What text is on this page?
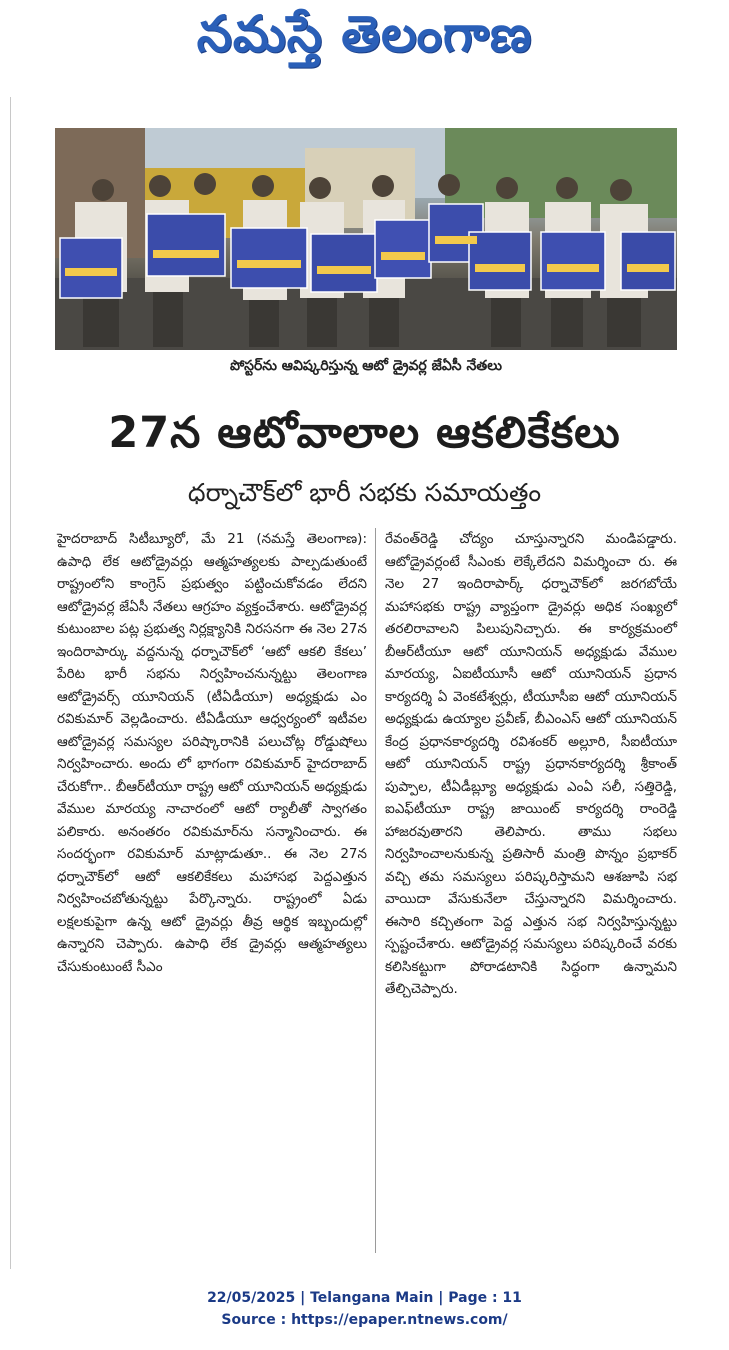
నమస్తే తెలంగాణ
పోస్టర్‌ను ఆవిష్కరిస్తున్న ఆటో డ్రైవర్ల జేఏసీ నేతలు
27న ఆటోవాలాల ఆకలికేకలు
ధర్నాచౌక్‌లో భారీ సభకు సమాయత్తం

హైదరాబాద్ సిటీబ్యూరో, మే 21 (నమస్తే తెలంగాణ): ఉపాధి లేక ఆటోడ్రైవర్లు ఆత్మహత్యలకు పాల్పడుతుంటే రాష్ట్రంలోని కాంగ్రెస్ ప్రభుత్వం పట్టించుకోవడం లేదని ఆటోడ్రైవర్ల జేఏసీ నేతలు ఆగ్రహం వ్యక్తంచేశారు. ఆటోడ్రైవర్ల కుటుంబాల పట్ల ప్రభుత్వ నిర్లక్ష్యానికి నిరసనగా ఈ నెల 27న ఇందిరాపార్కు వద్దనున్న ధర్నాచౌక్‌లో ‘ఆటో ఆకలి కేకలు’ పేరిట భారీ సభను నిర్వహించనున్నట్టు తెలంగాణ ఆటోడ్రైవర్స్ యూనియన్ (టీఏడీయూ) అధ్యక్షుడు ఎం రవికుమార్ వెల్లడించారు. టీఏడీయూ ఆధ్వర్యంలో ఇటీవల ఆటోడ్రైవర్ల సమస్యల పరిష్కారానికి పలుచోట్ల రోడ్డుషోలు నిర్వహించారు. అందు లో భాగంగా రవికుమార్ హైదరాబాద్ చేరుకోగా.. బీఆర్‌టీయూ రాష్ట్ర ఆటో యూనియన్ అధ్యక్షుడు వేముల మారయ్య నాచారంలో ఆటో ర్యాలీతో స్వాగతం పలికారు. అనంతరం రవికుమార్‌ను సన్మానించారు. ఈ సందర్భంగా రవికుమార్ మాట్లాడుతూ.. ఈ నెల 27న ధర్నాచౌక్‌లో ఆటో ఆకలికేకలు మహాసభ పెద్దఎత్తున నిర్వహించబోతున్నట్టు పేర్కొన్నారు. రాష్ట్రంలో ఏడు లక్షలకుపైగా ఉన్న ఆటో డ్రైవర్లు తీవ్ర ఆర్థిక ఇబ్బందుల్లో ఉన్నారని చెప్పారు. ఉపాధి లేక డ్రైవర్లు ఆత్మహత్యలు చేసుకుంటుంటే సీఎం

రేవంత్‌రెడ్డి చోద్యం చూస్తున్నారని మండిపడ్డారు. ఆటోడ్రైవర్లంటే సీఎంకు లెక్కేలేదని విమర్శించా రు. ఈ నెల 27 ఇందిరాపార్క్ ధర్నాచౌక్‌లో జరగబోయే మహాసభకు రాష్ట్ర వ్యాప్తంగా డ్రైవర్లు అధిక సంఖ్యలో తరలిరావాలని పిలుపునిచ్చారు. ఈ కార్యక్రమంలో బీఆర్‌టీయూ ఆటో యూనియన్ అధ్యక్షుడు వేముల మారయ్య, ఏఐటీయూసీ ఆటో యూనియన్ ప్రధాన కార్యదర్శి ఏ వెంకటేశ్వర్లు, టీయూసీఐ ఆటో యూనియన్ అధ్యక్షుడు ఉయ్యాల ప్రవీణ్, బీఎంఎస్ ఆటో యూనియన్ కేంద్ర ప్రధానకార్యదర్శి రవిశంకర్ అల్లూరి, సీఐటీయూ ఆటో యూనియన్ రాష్ట్ర ప్రధానకార్యదర్శి శ్రీకాంత్ పుప్పాల, టీఏడీబ్ల్యూ అధ్యక్షుడు ఎంఏ సలీ, సత్తిరెడ్డి, ఐఎఫ్‌టీయూ రాష్ట్ర జాయింట్ కార్యదర్శి రాంరెడ్డి హాజరవుతారని తెలిపారు. తాము సభలు నిర్వహించాలనుకున్న ప్రతిసారీ మంత్రి పొన్నం ప్రభాకర్ వచ్చి తమ సమస్యలు పరిష్కరిస్తామని ఆశజూపి సభ వాయిదా వేసుకునేలా చేస్తున్నారని విమర్శించారు. ఈసారి కచ్చితంగా పెద్ద ఎత్తున సభ నిర్వహిస్తున్నట్టు స్పష్టంచేశారు. ఆటోడ్రైవర్ల సమస్యలు పరిష్కరించే వరకు కలిసికట్టుగా పోరాడటానికి సిద్ధంగా ఉన్నామని తేల్చిచెప్పారు.

22/05/2025 | Telangana Main | Page : 11
Source : https://epaper.ntnews.com/
